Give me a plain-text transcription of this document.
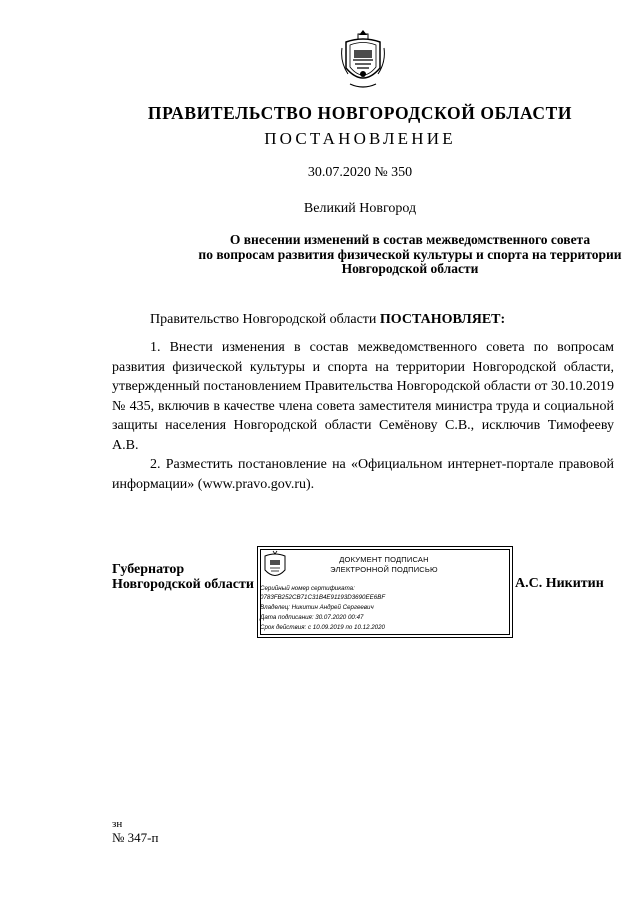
ПРАВИТЕЛЬСТВО НОВГОРОДСКОЙ ОБЛАСТИ
ПОСТАНОВЛЕНИЕ
30.07.2020 № 350
Великий Новгород
О внесении изменений в состав межведомственного совета
по вопросам развития физической культуры и спорта на территории
Новгородской области
Правительство Новгородской области ПОСТАНОВЛЯЕТ:

1. Внести изменения в состав межведомственного совета по вопросам развития физической культуры и спорта на территории Новгородской области, утвержденный постановлением Правительства Новгородской области от 30.10.2019 № 435, включив в качестве члена совета заместителя министра труда и социальной защиты населения Новгородской области Семёнову С.В., исключив Тимофееву А.В.

2. Разместить постановление на «Официальном интернет-портале правовой информации» (www.pravo.gov.ru).

Губернатор
Новгородской области
ДОКУМЕНТ ПОДПИСАН
ЭЛЕКТРОННОЙ ПОДПИСЬЮ
Серийный номер сертификата:
0783FB252CB71C31B4E91193D3690EE6BF
Владелец: Никитин Андрей Сергеевич
Дата подписания: 30.07.2020 00:47
Срок действия: с 10.09.2019 по 10.12.2020
А.С. Никитин
зн
№ 347-п
